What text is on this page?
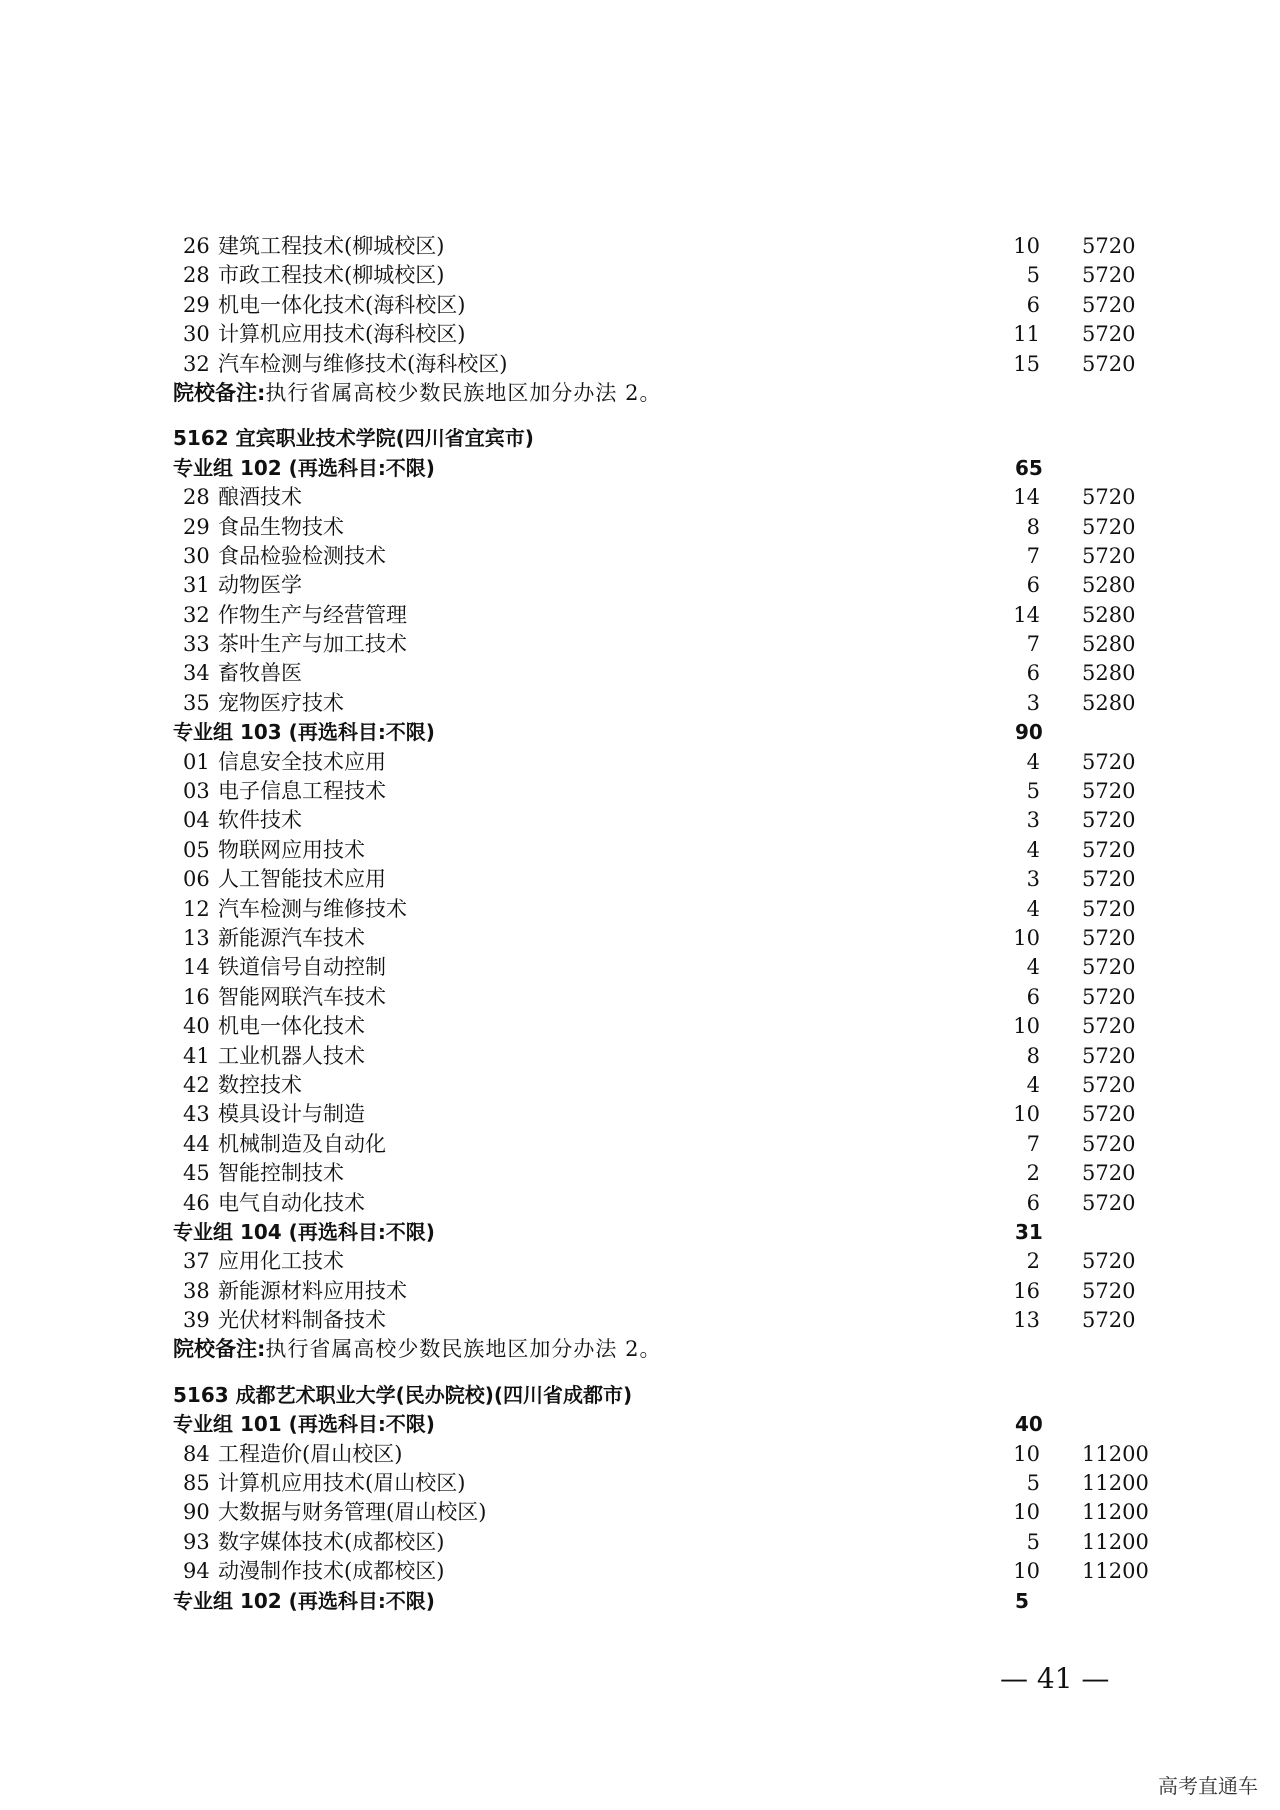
26 建筑工程技术(柳城校区)	10 5720
28 市政工程技术(柳城校区)	5 5720
29 机电一体化技术(海科校区)	6 5720
30 计算机应用技术(海科校区)	11 5720
32 汽车检测与维修技术(海科校区)	15 5720
院校备注:执行省属高校少数民族地区加分办法 2。
5162 宜宾职业技术学院(四川省宜宾市)
专业组 102 (再选科目:不限)	65
28 酿酒技术	14 5720
29 食品生物技术	8 5720
30 食品检验检测技术	7 5720
31 动物医学	6 5280
32 作物生产与经营管理	14 5280
33 茶叶生产与加工技术	7 5280
34 畜牧兽医	6 5280
35 宠物医疗技术	3 5280
专业组 103 (再选科目:不限)	90
01 信息安全技术应用	4 5720
03 电子信息工程技术	5 5720
04 软件技术	3 5720
05 物联网应用技术	4 5720
06 人工智能技术应用	3 5720
12 汽车检测与维修技术	4 5720
13 新能源汽车技术	10 5720
14 铁道信号自动控制	4 5720
16 智能网联汽车技术	6 5720
40 机电一体化技术	10 5720
41 工业机器人技术	8 5720
42 数控技术	4 5720
43 模具设计与制造	10 5720
44 机械制造及自动化	7 5720
45 智能控制技术	2 5720
46 电气自动化技术	6 5720
专业组 104 (再选科目:不限)	31
37 应用化工技术	2 5720
38 新能源材料应用技术	16 5720
39 光伏材料制备技术	13 5720
院校备注:执行省属高校少数民族地区加分办法 2。
5163 成都艺术职业大学(民办院校)(四川省成都市)
专业组 101 (再选科目:不限)	40
84 工程造价(眉山校区)	10 11200
85 计算机应用技术(眉山校区)	5 11200
90 大数据与财务管理(眉山校区)	10 11200
93 数字媒体技术(成都校区)	5 11200
94 动漫制作技术(成都校区)	10 11200
专业组 102 (再选科目:不限)	5
— 41 —
高考直通车
